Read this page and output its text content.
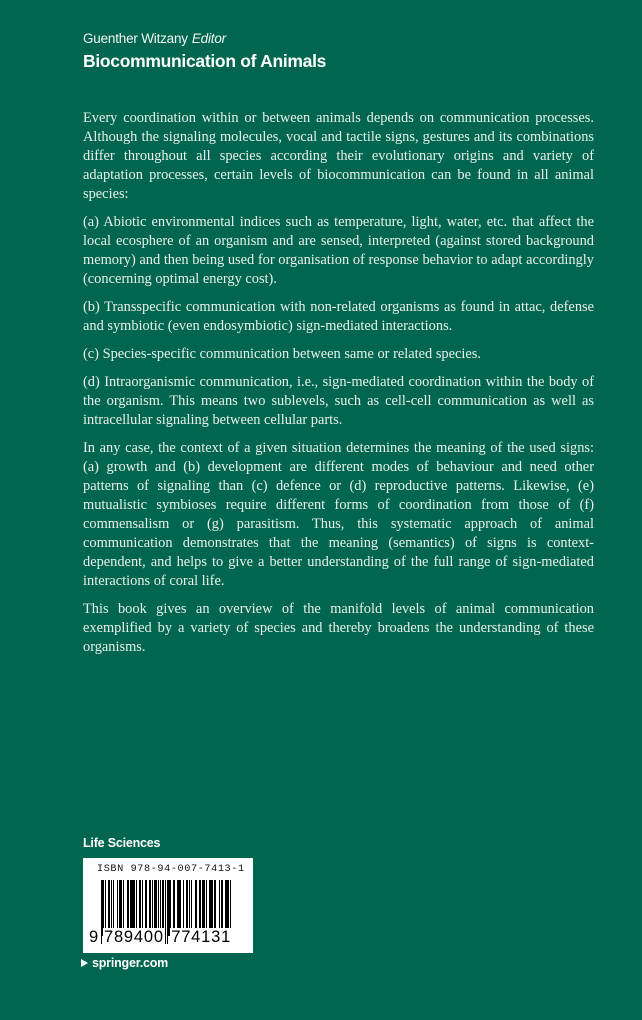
Guenther Witzany Editor
Biocommunication of Animals

Every coordination within or between animals depends on communication processes. Although the signaling molecules, vocal and tactile signs, gestures and its combinations differ throughout all species according their evolutionary origins and variety of adaptation processes, certain levels of biocommunication can be found in all animal species:

(a) Abiotic environmental indices such as temperature, light, water, etc. that affect the local ecosphere of an organism and are sensed, interpreted (against stored background memory) and then being used for organisation of response behavior to adapt accordingly (concerning optimal energy cost).

(b) Transspecific communication with non-related organisms as found in attac, defense and symbiotic (even endosymbiotic) sign-mediated interactions.

(c) Species-specific communication between same or related species.

(d) Intraorganismic communication, i.e., sign-mediated coordination within the body of the organism. This means two sublevels, such as cell-cell communication as well as intracellular signaling between cellular parts.

In any case, the context of a given situation determines the meaning of the used signs: (a) growth and (b) development are different modes of behaviour and need other patterns of signaling than (c) defence or (d) reproductive patterns. Likewise, (e) mutualistic symbioses require different forms of coordination from those of (f) commensalism or (g) parasitism. Thus, this systematic approach of animal communication demonstrates that the meaning (semantics) of signs is context-dependent, and helps to give a better understanding of the full range of sign-mediated interactions of coral life.

This book gives an overview of the manifold levels of animal communication exemplified by a variety of species and thereby broadens the understanding of these organisms.

Life Sciences
ISBN 978-94-007-7413-1
9 789400 774131
springer.com
